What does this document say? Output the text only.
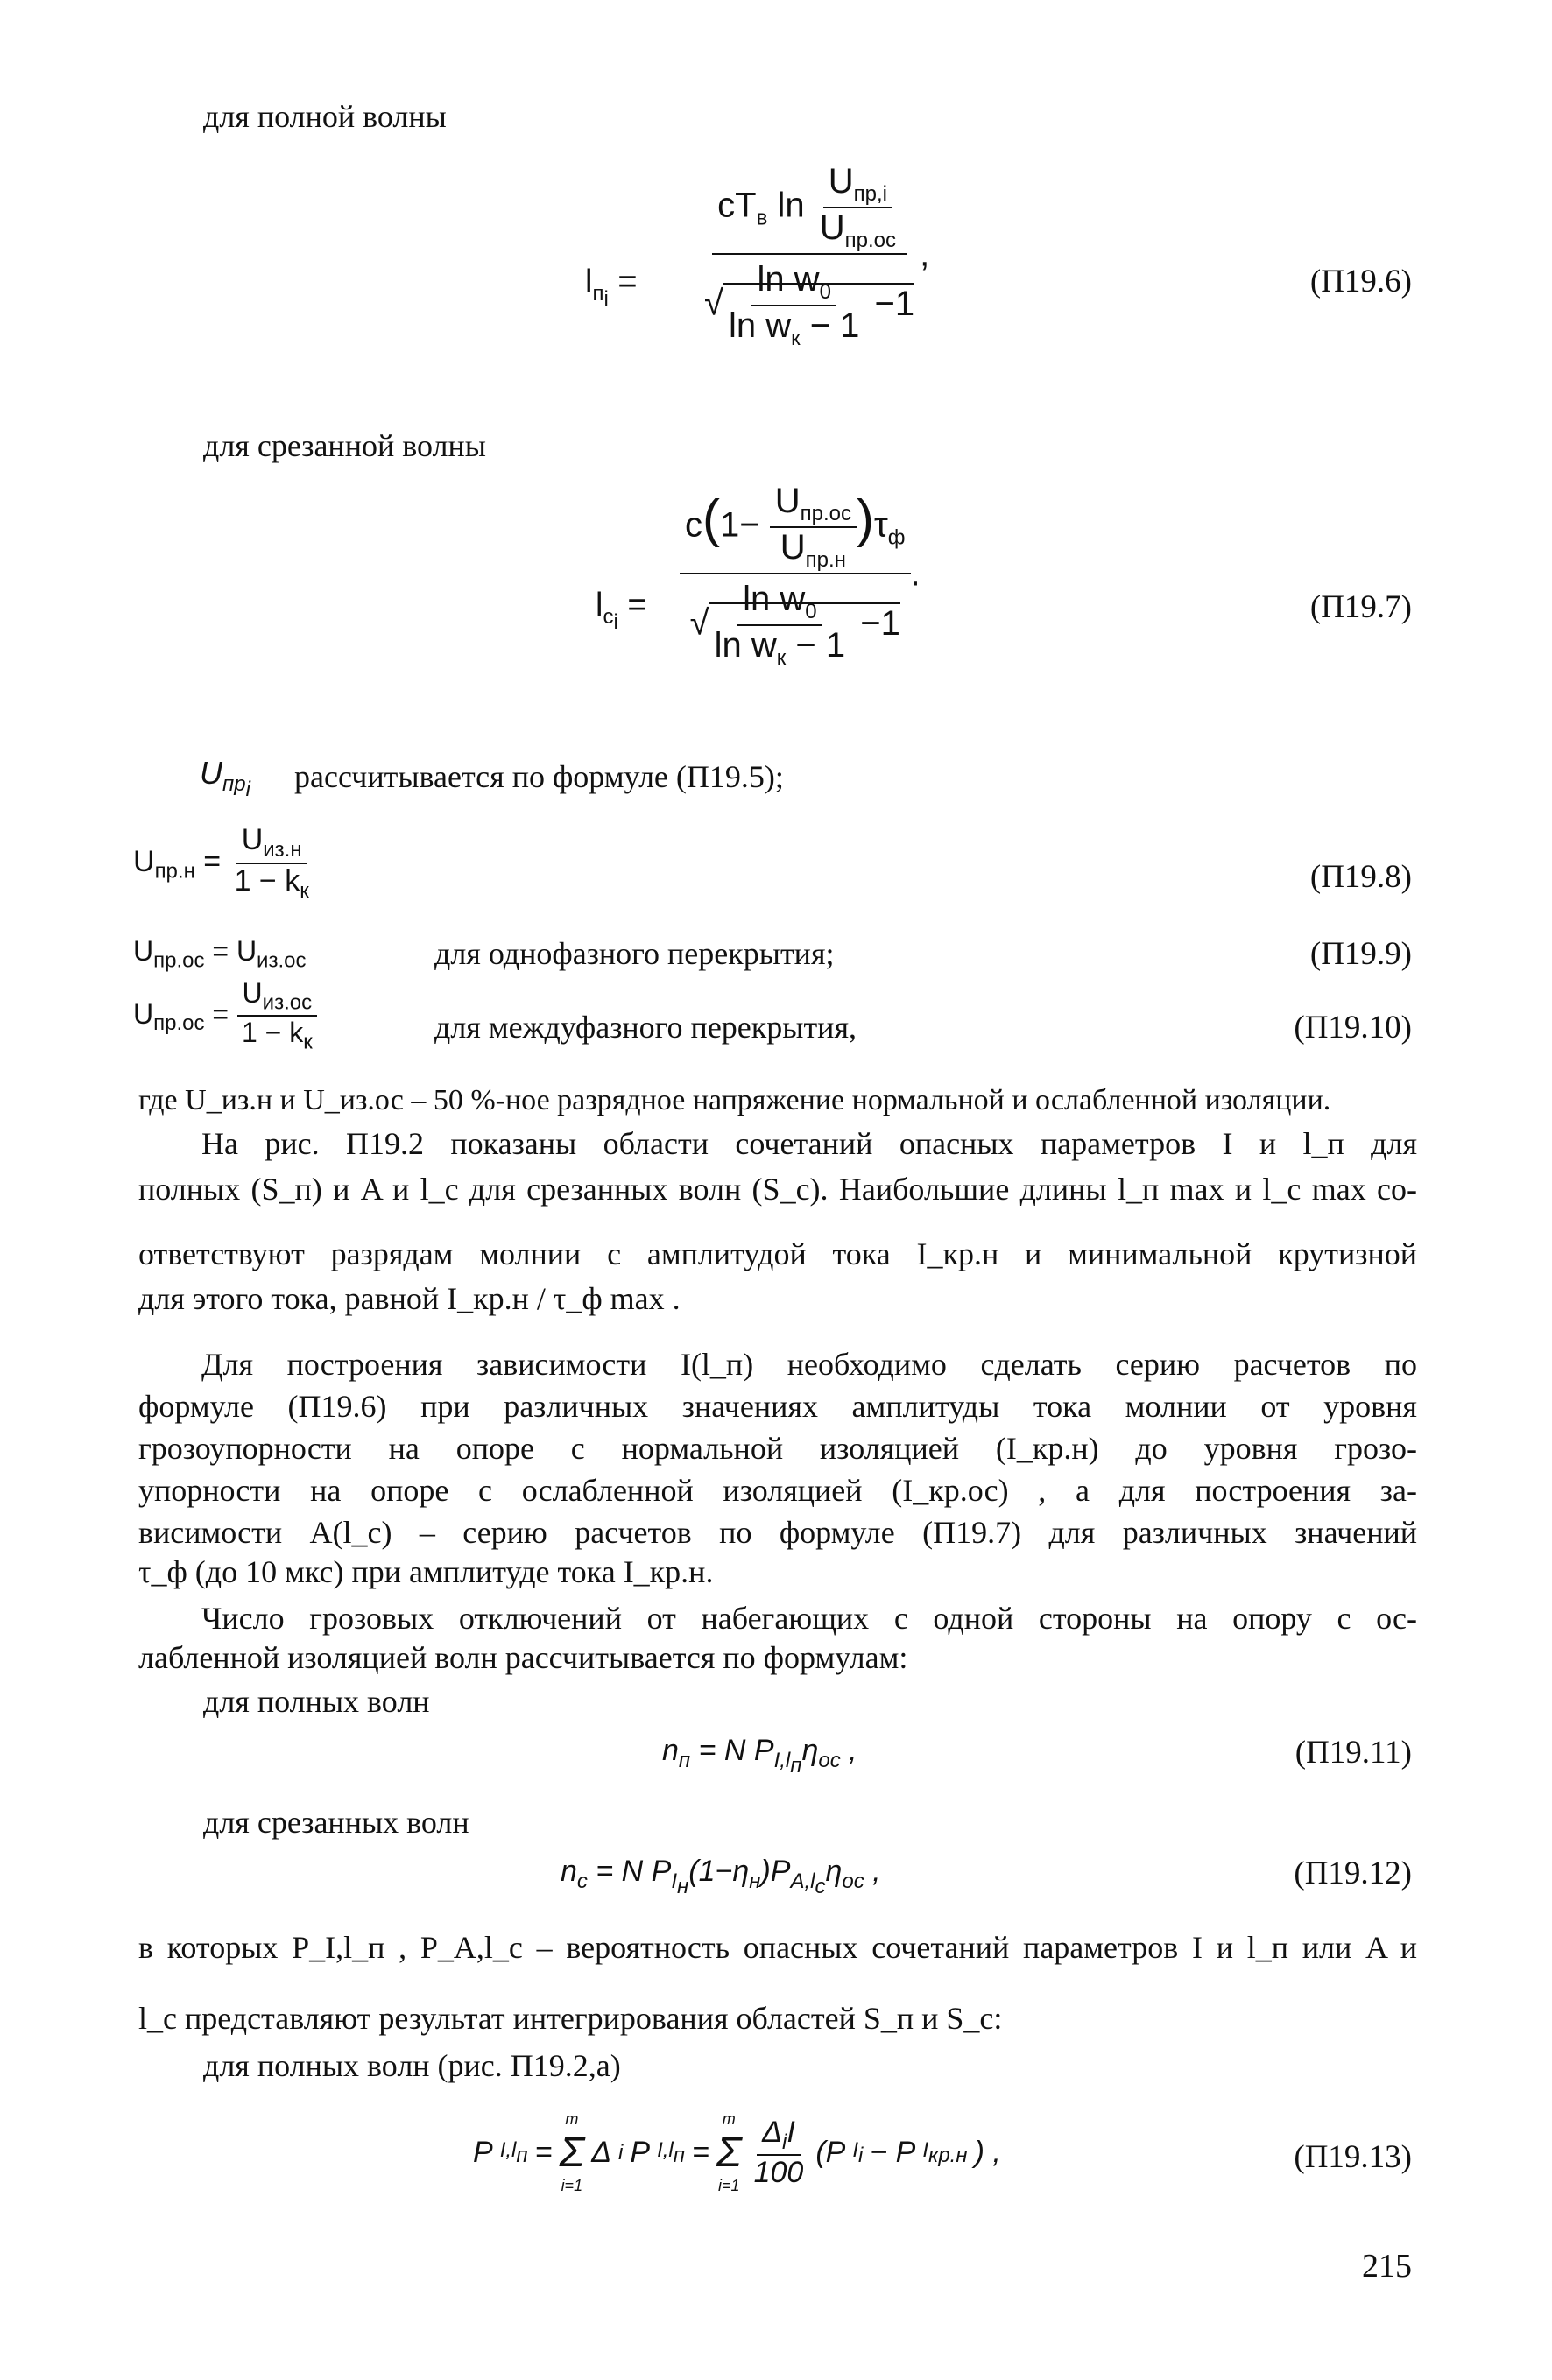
для полной волны
$l_{п_i} = \frac{cT_в \ln \frac{U_{пр,i}}{U_{пр.ос}}}{√ \frac{\ln w_0}{\ln w_к - 1} -1}$ ,
(П19.6)
для срезанной волны
$l_{с_i} = \frac{c(1- \frac{U_{пр.ос}}{U_{пр.н}} )\tau_ф}{√ \frac{\ln w_0}{\ln w_к - 1} -1}$ .
(П19.7)
$U_{пр_i}$ рассчитывается по формуле (П19.5);
$U_{пр.н} = \frac{U_{из.н}}{1 - k_к}$	(П19.8)
$U_{пр.ос} = U_{из.ос}$	для однофазного перекрытия;	(П19.9)
$U_{пр.ос} = \frac{U_{из.ос}}{1 - k_к}$	для междуфазного перекрытия,	(П19.10)
где U_из.н и U_из.ос – 50 %-ное разрядное напряжение нормальной и ослабленной изоляции.
На рис. П19.2 показаны области сочетаний опасных параметров I и l_п для
полных (S_п) и A и l_с для срезанных волн (S_с). Наибольшие длины l_п max и l_с max со-
ответствуют разрядам молнии с амплитудой тока I_кр.н и минимальной крутизной
для этого тока, равной I_кр.н / τ_ф max .
Для построения зависимости I(l_п) необходимо сделать серию расчетов по
формуле (П19.6) при различных значениях амплитуды тока молнии от уровня
грозоупорности на опоре с нормальной изоляцией (I_кр.н) до уровня грозо-
упорности на опоре с ослабленной изоляцией (I_кр.ос) , а для построения за-
висимости A(l_с) – серию расчетов по формуле (П19.7) для различных значений
τ_ф (до 10 мкс) при амплитуде тока I_кр.н.
Число грозовых отключений от набегающих с одной стороны на опору с ос-
лабленной изоляцией волн рассчитывается по формулам:
для полных волн
$n_п = N$ $P_{I,l_п}\eta_{ос}$ ,	(П19.11)
для срезанных волн
$n_с = N$ $P_{I_н}(1-\eta_н)P_{A,l_с}\eta_{ос}$ ,	(П19.12)
в которых P_I,l_п , P_A,l_с – вероятность опасных сочетаний параметров I и l_п или A и
l_с представляют результат интегрирования областей S_п и S_с:
для полных волн (рис. П19.2,а)
P $I,l_п$ =
m
Σ
i=1
Δ i P $I,l_п$ =
m
Σ
$i=1 \frac{\Delta_iI}{100} (P$ $I_i - P$ $I_{кр.н}$ ) ,	(П19.13)
215
